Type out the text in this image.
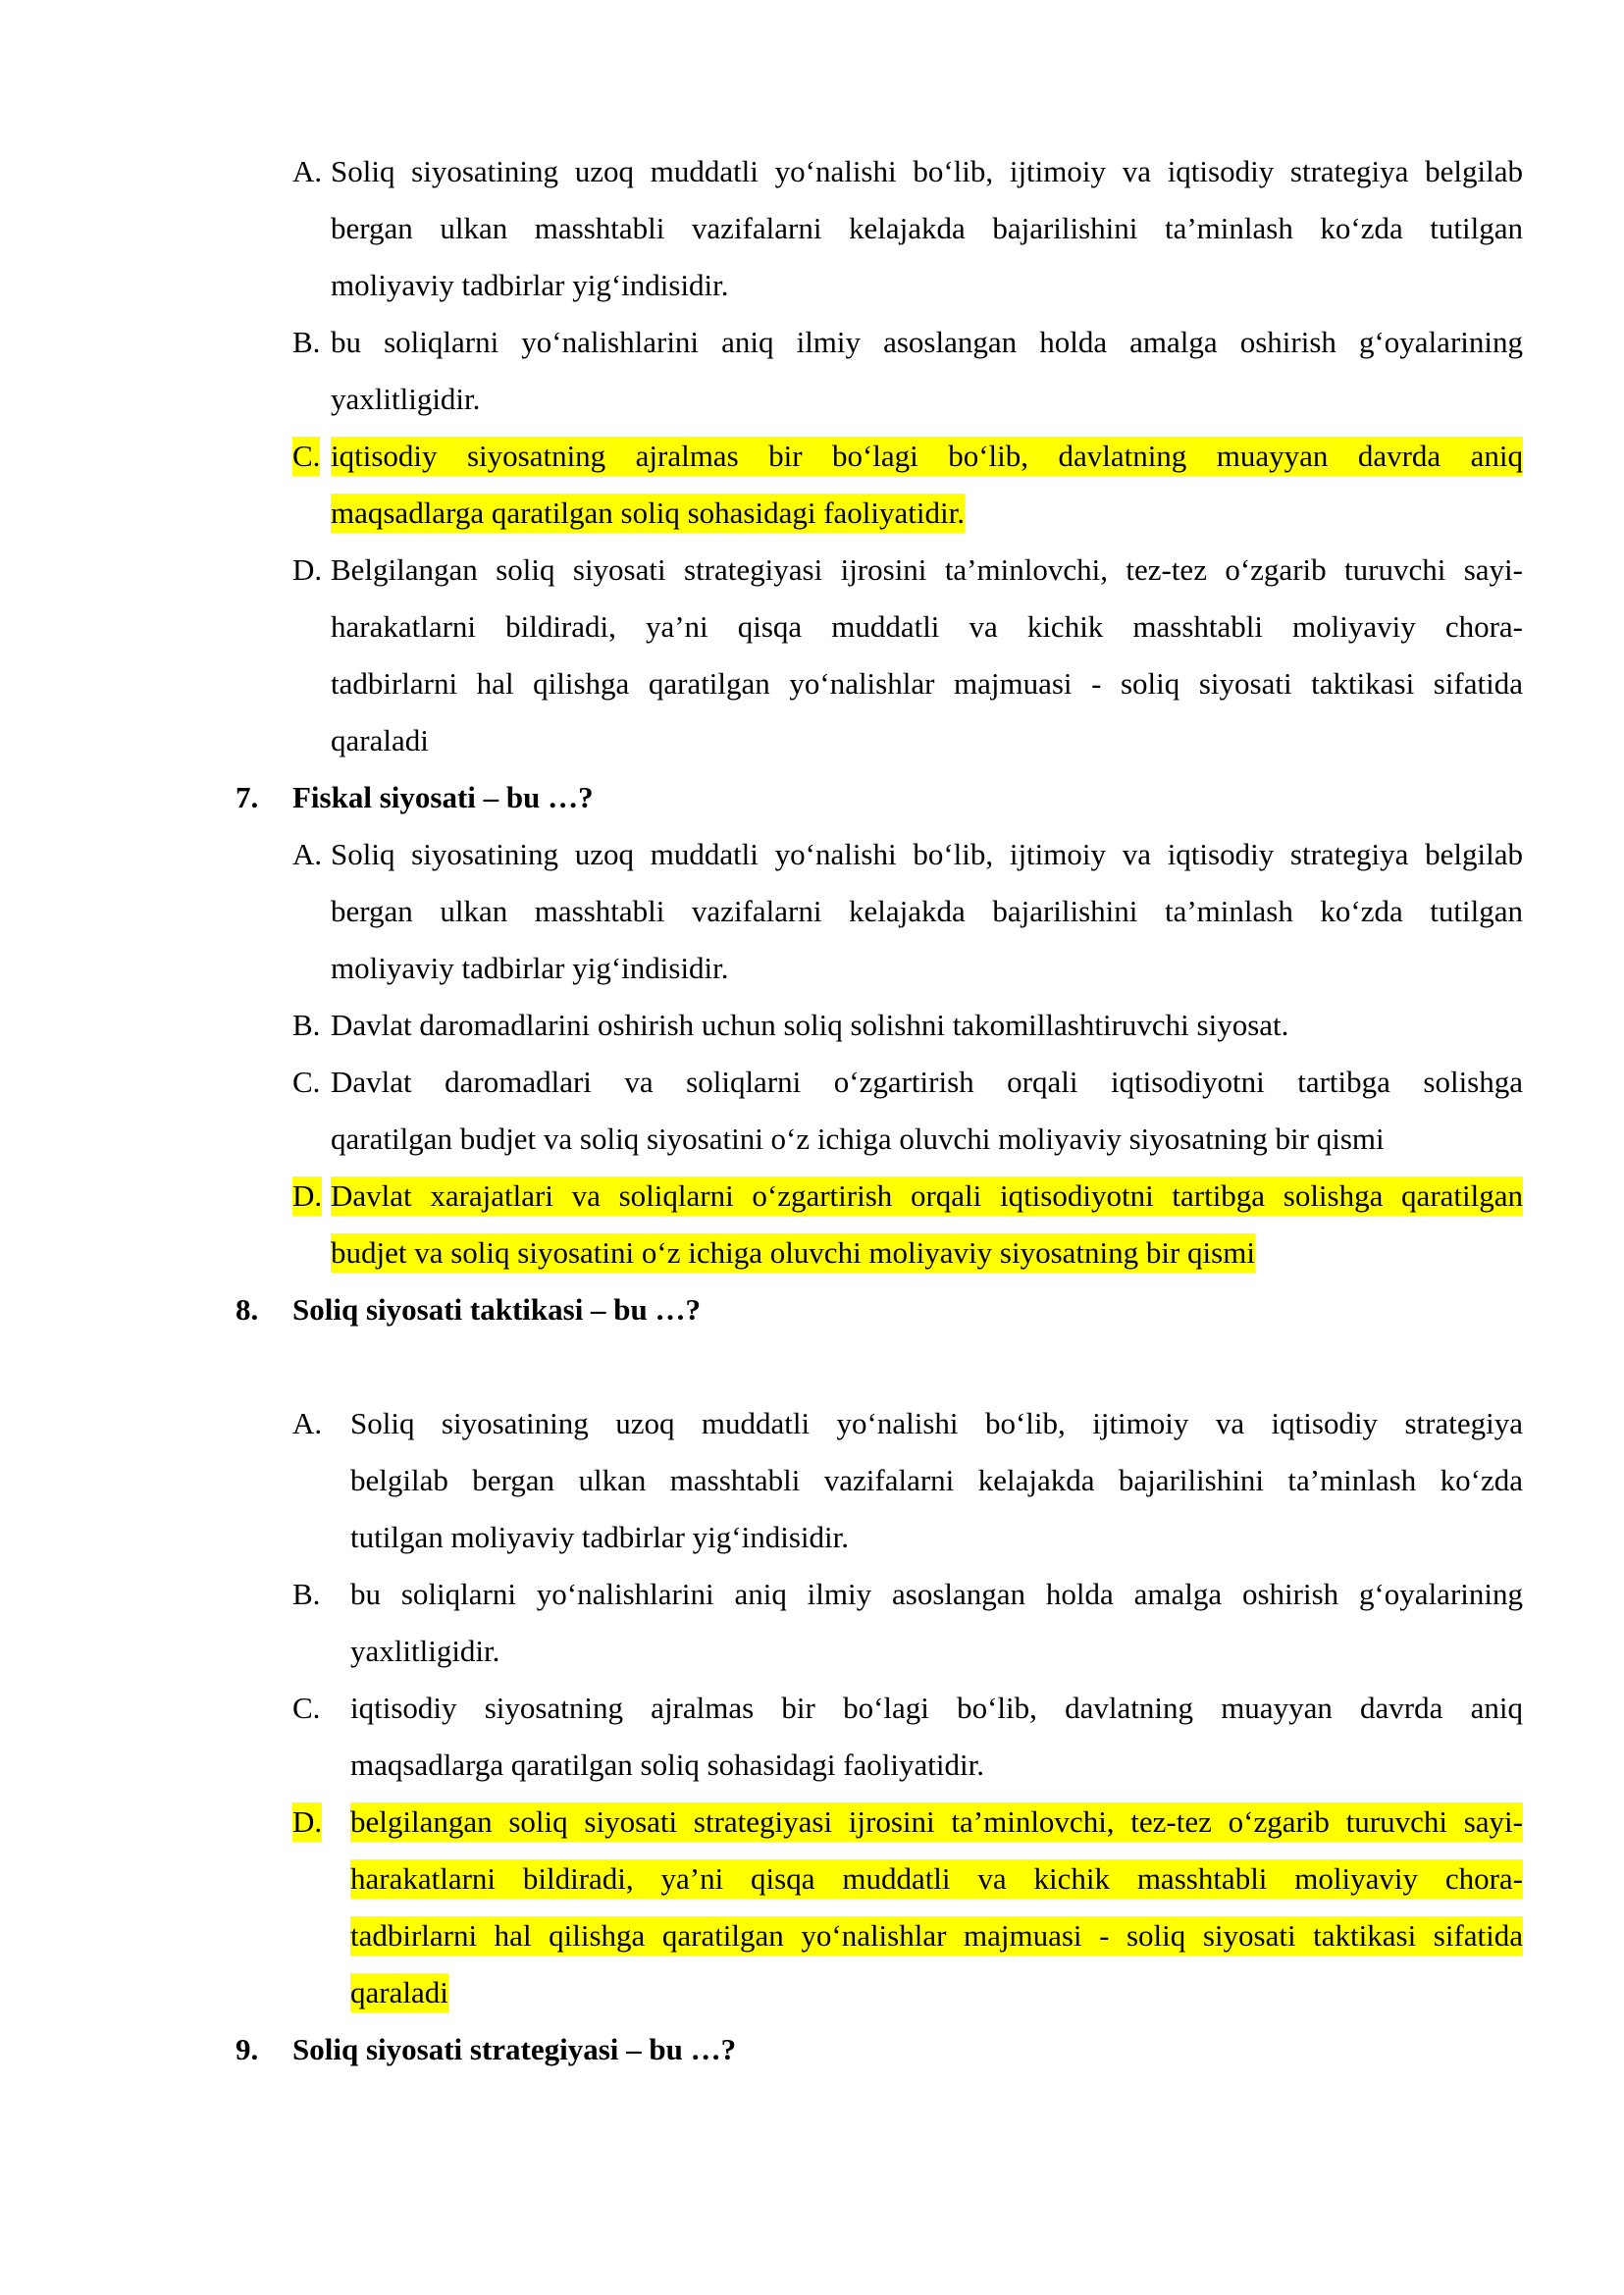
A. Soliq siyosatining uzoq muddatli yo‘nalishi bo‘lib, ijtimoiy va iqtisodiy strategiya belgilab
bergan ulkan masshtabli vazifalarni kelajakda bajarilishini ta’minlash ko‘zda tutilgan
moliyaviy tadbirlar yig‘indisidir.
B. bu soliqlarni yo‘nalishlarini aniq ilmiy asoslangan holda amalga oshirish g‘oyalarining
yaxlitligidir.
C. iqtisodiy siyosatning ajralmas bir bo‘lagi bo‘lib, davlatning muayyan davrda aniq
maqsadlarga qaratilgan soliq sohasidagi faoliyatidir.
D. Belgilangan soliq siyosati strategiyasi ijrosini ta’minlovchi, tez-tez o‘zgarib turuvchi sayi-
harakatlarni bildiradi, ya’ni qisqa muddatli va kichik masshtabli moliyaviy chora-
tadbirlarni hal qilishga qaratilgan yo‘nalishlar majmuasi - soliq siyosati taktikasi sifatida
qaraladi
7. Fiskal siyosati – bu …?
A. Soliq siyosatining uzoq muddatli yo‘nalishi bo‘lib, ijtimoiy va iqtisodiy strategiya belgilab
bergan ulkan masshtabli vazifalarni kelajakda bajarilishini ta’minlash ko‘zda tutilgan
moliyaviy tadbirlar yig‘indisidir.
B. Davlat daromadlarini oshirish uchun soliq solishni takomillashtiruvchi siyosat.
C. Davlat daromadlari va soliqlarni o‘zgartirish orqali iqtisodiyotni tartibga solishga
qaratilgan budjet va soliq siyosatini o‘z ichiga oluvchi moliyaviy siyosatning bir qismi
D. Davlat xarajatlari va soliqlarni o‘zgartirish orqali iqtisodiyotni tartibga solishga qaratilgan
budjet va soliq siyosatini o‘z ichiga oluvchi moliyaviy siyosatning bir qismi
8. Soliq siyosati taktikasi – bu …?
A. Soliq siyosatining uzoq muddatli yo‘nalishi bo‘lib, ijtimoiy va iqtisodiy strategiya
belgilab bergan ulkan masshtabli vazifalarni kelajakda bajarilishini ta’minlash ko‘zda
tutilgan moliyaviy tadbirlar yig‘indisidir.
B. bu soliqlarni yo‘nalishlarini aniq ilmiy asoslangan holda amalga oshirish g‘oyalarining
yaxlitligidir.
C. iqtisodiy siyosatning ajralmas bir bo‘lagi bo‘lib, davlatning muayyan davrda aniq
maqsadlarga qaratilgan soliq sohasidagi faoliyatidir.
D. belgilangan soliq siyosati strategiyasi ijrosini ta’minlovchi, tez-tez o‘zgarib turuvchi sayi-
harakatlarni bildiradi, ya’ni qisqa muddatli va kichik masshtabli moliyaviy chora-
tadbirlarni hal qilishga qaratilgan yo‘nalishlar majmuasi - soliq siyosati taktikasi sifatida
qaraladi
9. Soliq siyosati strategiyasi – bu …?
